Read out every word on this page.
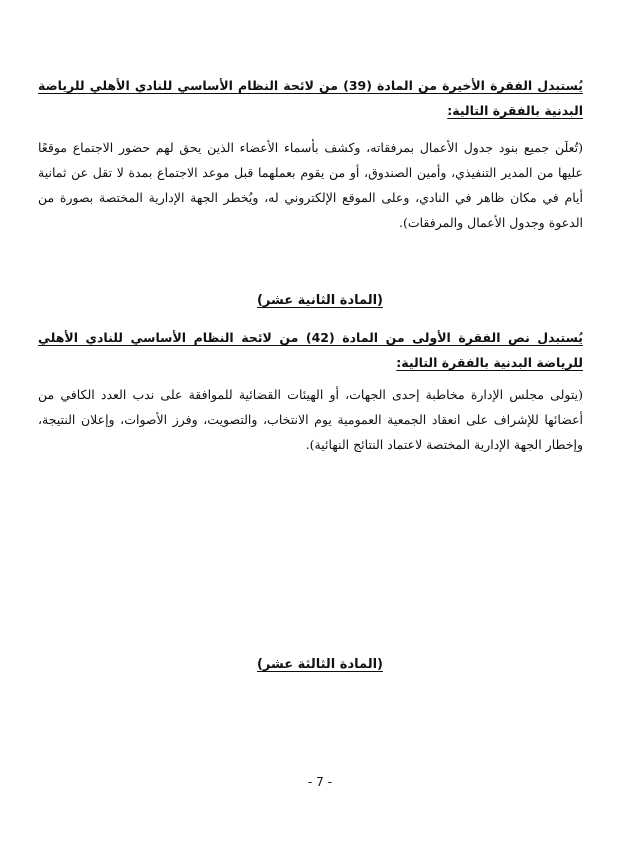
يُستبدل الفقرة الأخيرة من المادة (39) من لائحة النظام الأساسي للنادي الأهلي للرياضة البدنية بالفقرة التالية:
(تُعلَن جميع بنود جدول الأعمال بمرفقاته، وكشف بأسماء الأعضاء الذين يحق لهم حضور الاجتماع موقعًا عليها من المدير التنفيذي، وأمين الصندوق، أو من يقوم بعملهما قبل موعد الاجتماع بمدة لا تقل عن ثمانية أيام في مكان ظاهر في النادي، وعلى الموقع الإلكتروني له، ويُخطر الجهة الإدارية المختصة بصورة من الدعوة وجدول الأعمال والمرفقات).
(المادة الثانية عشر)
يُستبدل نص الفقرة الأولى من المادة (42) من لائحة النظام الأساسي للنادي الأهلي للرياضة البدنية بالفقرة التالية:
(يتولى مجلس الإدارة مخاطبة إحدى الجهات، أو الهيئات القضائية للموافقة على ندب العدد الكافي من أعضائها للإشراف على انعقاد الجمعية العمومية يوم الانتخاب، والتصويت، وفرز الأصوات، وإعلان النتيجة، وإخطار الجهة الإدارية المختصة لاعتماد النتائج النهائية).
(المادة الثالثة عشر)
- 7 -
